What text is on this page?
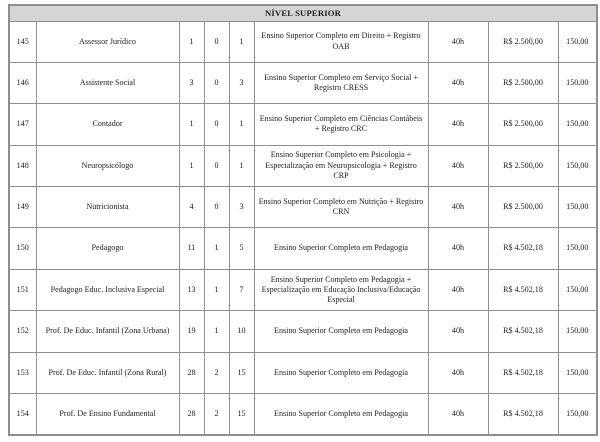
NÍVEL SUPERIOR								
145	Assessor Jurídico	1	0	1	Ensino Superior Completo em Direito + Registro OAB	40h	R$ 2.500,00	150,00
146	Assistente Social	3	0	3	Ensino Superior Completo em Serviço Social + Registro CRESS	40h	R$ 2.500,00	150,00
147	Contador	1	0	1	Ensino Superior Completo em Ciências Contábeis + Registro CRC	40h	R$ 2.500,00	150,00
148	Neuropsicólogo	1	0	1	Ensino Superior Completo em Psicologia + Especialização em Neuropsicologia + Registro CRP	40h	R$ 2.500,00	150,00
149	Nutricionista	4	0	3	Ensino Superior Completo em Nutrição + Registro CRN	40h	R$ 2.500,00	150,00
150	Pedagogo	11	1	5	Ensino Superior Completo em Pedagogia	40h	R$ 4.502,18	150,00
151	Pedagogo Educ. Inclusiva Especial	13	1	7	Ensino Superior Completo em Pedagogia + Especialização em Educação Inclusiva/Educação Especial	40h	R$ 4.502,18	150,00
152	Prof. De Educ. Infantil (Zona Urbana)	19	1	10	Ensino Superior Completo em Pedagogia	40h	R$ 4.502,18	150,00
153	Prof. De Educ. Infantil (Zona Rural)	28	2	15	Ensino Superior Completo em Pedagogia	40h	R$ 4.502,18	150,00
154	Prof. De Ensino Fundamental	28	2	15	Ensino Superior Completo em Pedagogia	40h	R$ 4.502,18	150,00
